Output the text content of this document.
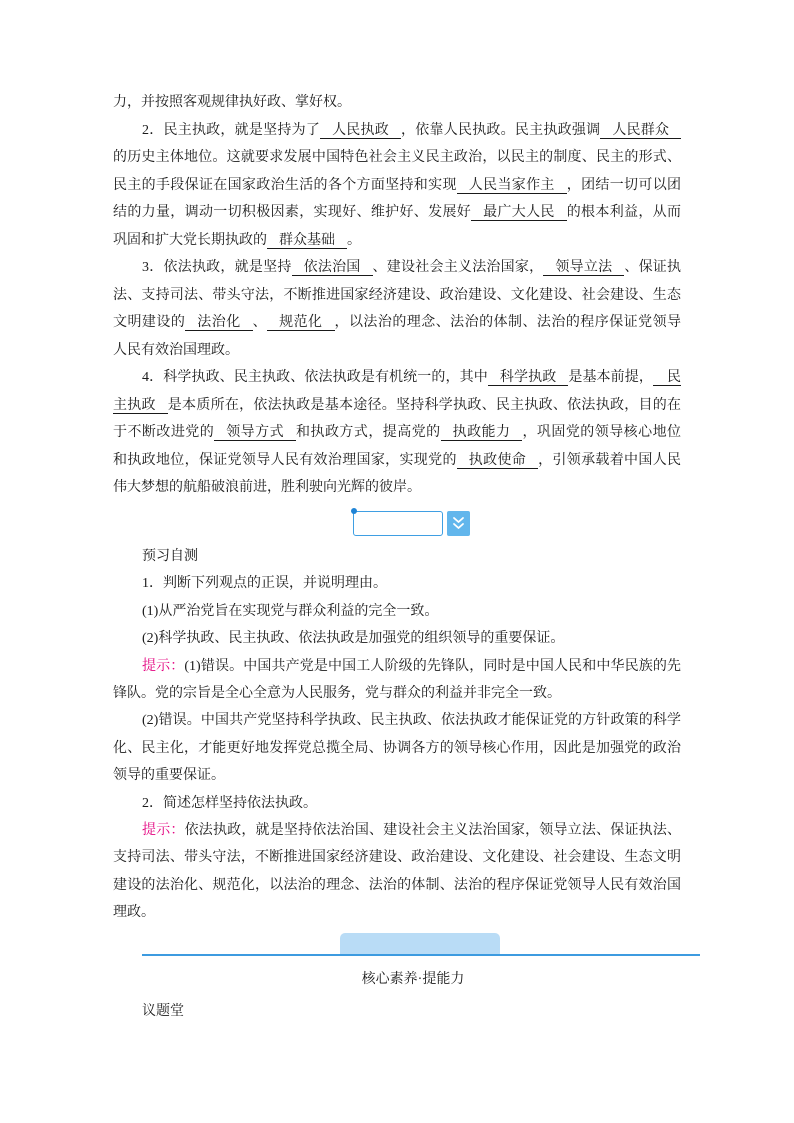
力，并按照客观规律执好政、掌好权。
2．民主执政，就是坚持为了 人民执政 ，依靠人民执政。民主执政强调 人民群众
的历史主体地位。这就要求发展中国特色社会主义民主政治，以民主的制度、民主的形式、
民主的手段保证在国家政治生活的各个方面坚持和实现 人民当家作主 ，团结一切可以团
结的力量，调动一切积极因素，实现好、维护好、发展好 最广大人民 的根本利益，从而
巩固和扩大党长期执政的 群众基础 。
3．依法执政，就是坚持 依法治国 、建设社会主义法治国家， 领导立法 、保证执
法、支持司法、带头守法，不断推进国家经济建设、政治建设、文化建设、社会建设、生态
文明建设的 法治化 、 规范化 ，以法治的理念、法治的体制、法治的程序保证党领导
人民有效治国理政。
4．科学执政、民主执政、依法执政是有机统一的，其中 科学执政 是基本前提， 民
主执政 是本质所在，依法执政是基本途径。坚持科学执政、民主执政、依法执政，目的在
于不断改进党的 领导方式 和执政方式，提高党的 执政能力 ，巩固党的领导核心地位
和执政地位，保证党领导人民有效治理国家，实现党的 执政使命 ，引领承载着中国人民
伟大梦想的航船破浪前进，胜利驶向光辉的彼岸。
预习自测
1．判断下列观点的正误，并说明理由。
(1)从严治党旨在实现党与群众利益的完全一致。
(2)科学执政、民主执政、依法执政是加强党的组织领导的重要保证。
提示：(1)错误。中国共产党是中国工人阶级的先锋队，同时是中国人民和中华民族的先
锋队。党的宗旨是全心全意为人民服务，党与群众的利益并非完全一致。
(2)错误。中国共产党坚持科学执政、民主执政、依法执政才能保证党的方针政策的科学
化、民主化，才能更好地发挥党总揽全局、协调各方的领导核心作用，因此是加强党的政治
领导的重要保证。
2．简述怎样坚持依法执政。
提示：依法执政，就是坚持依法治国、建设社会主义法治国家，领导立法、保证执法、
支持司法、带头守法，不断推进国家经济建设、政治建设、文化建设、社会建设、生态文明
建设的法治化、规范化，以法治的理念、法治的体制、法治的程序保证党领导人民有效治国
理政。
核心素养·提能力
议题堂
